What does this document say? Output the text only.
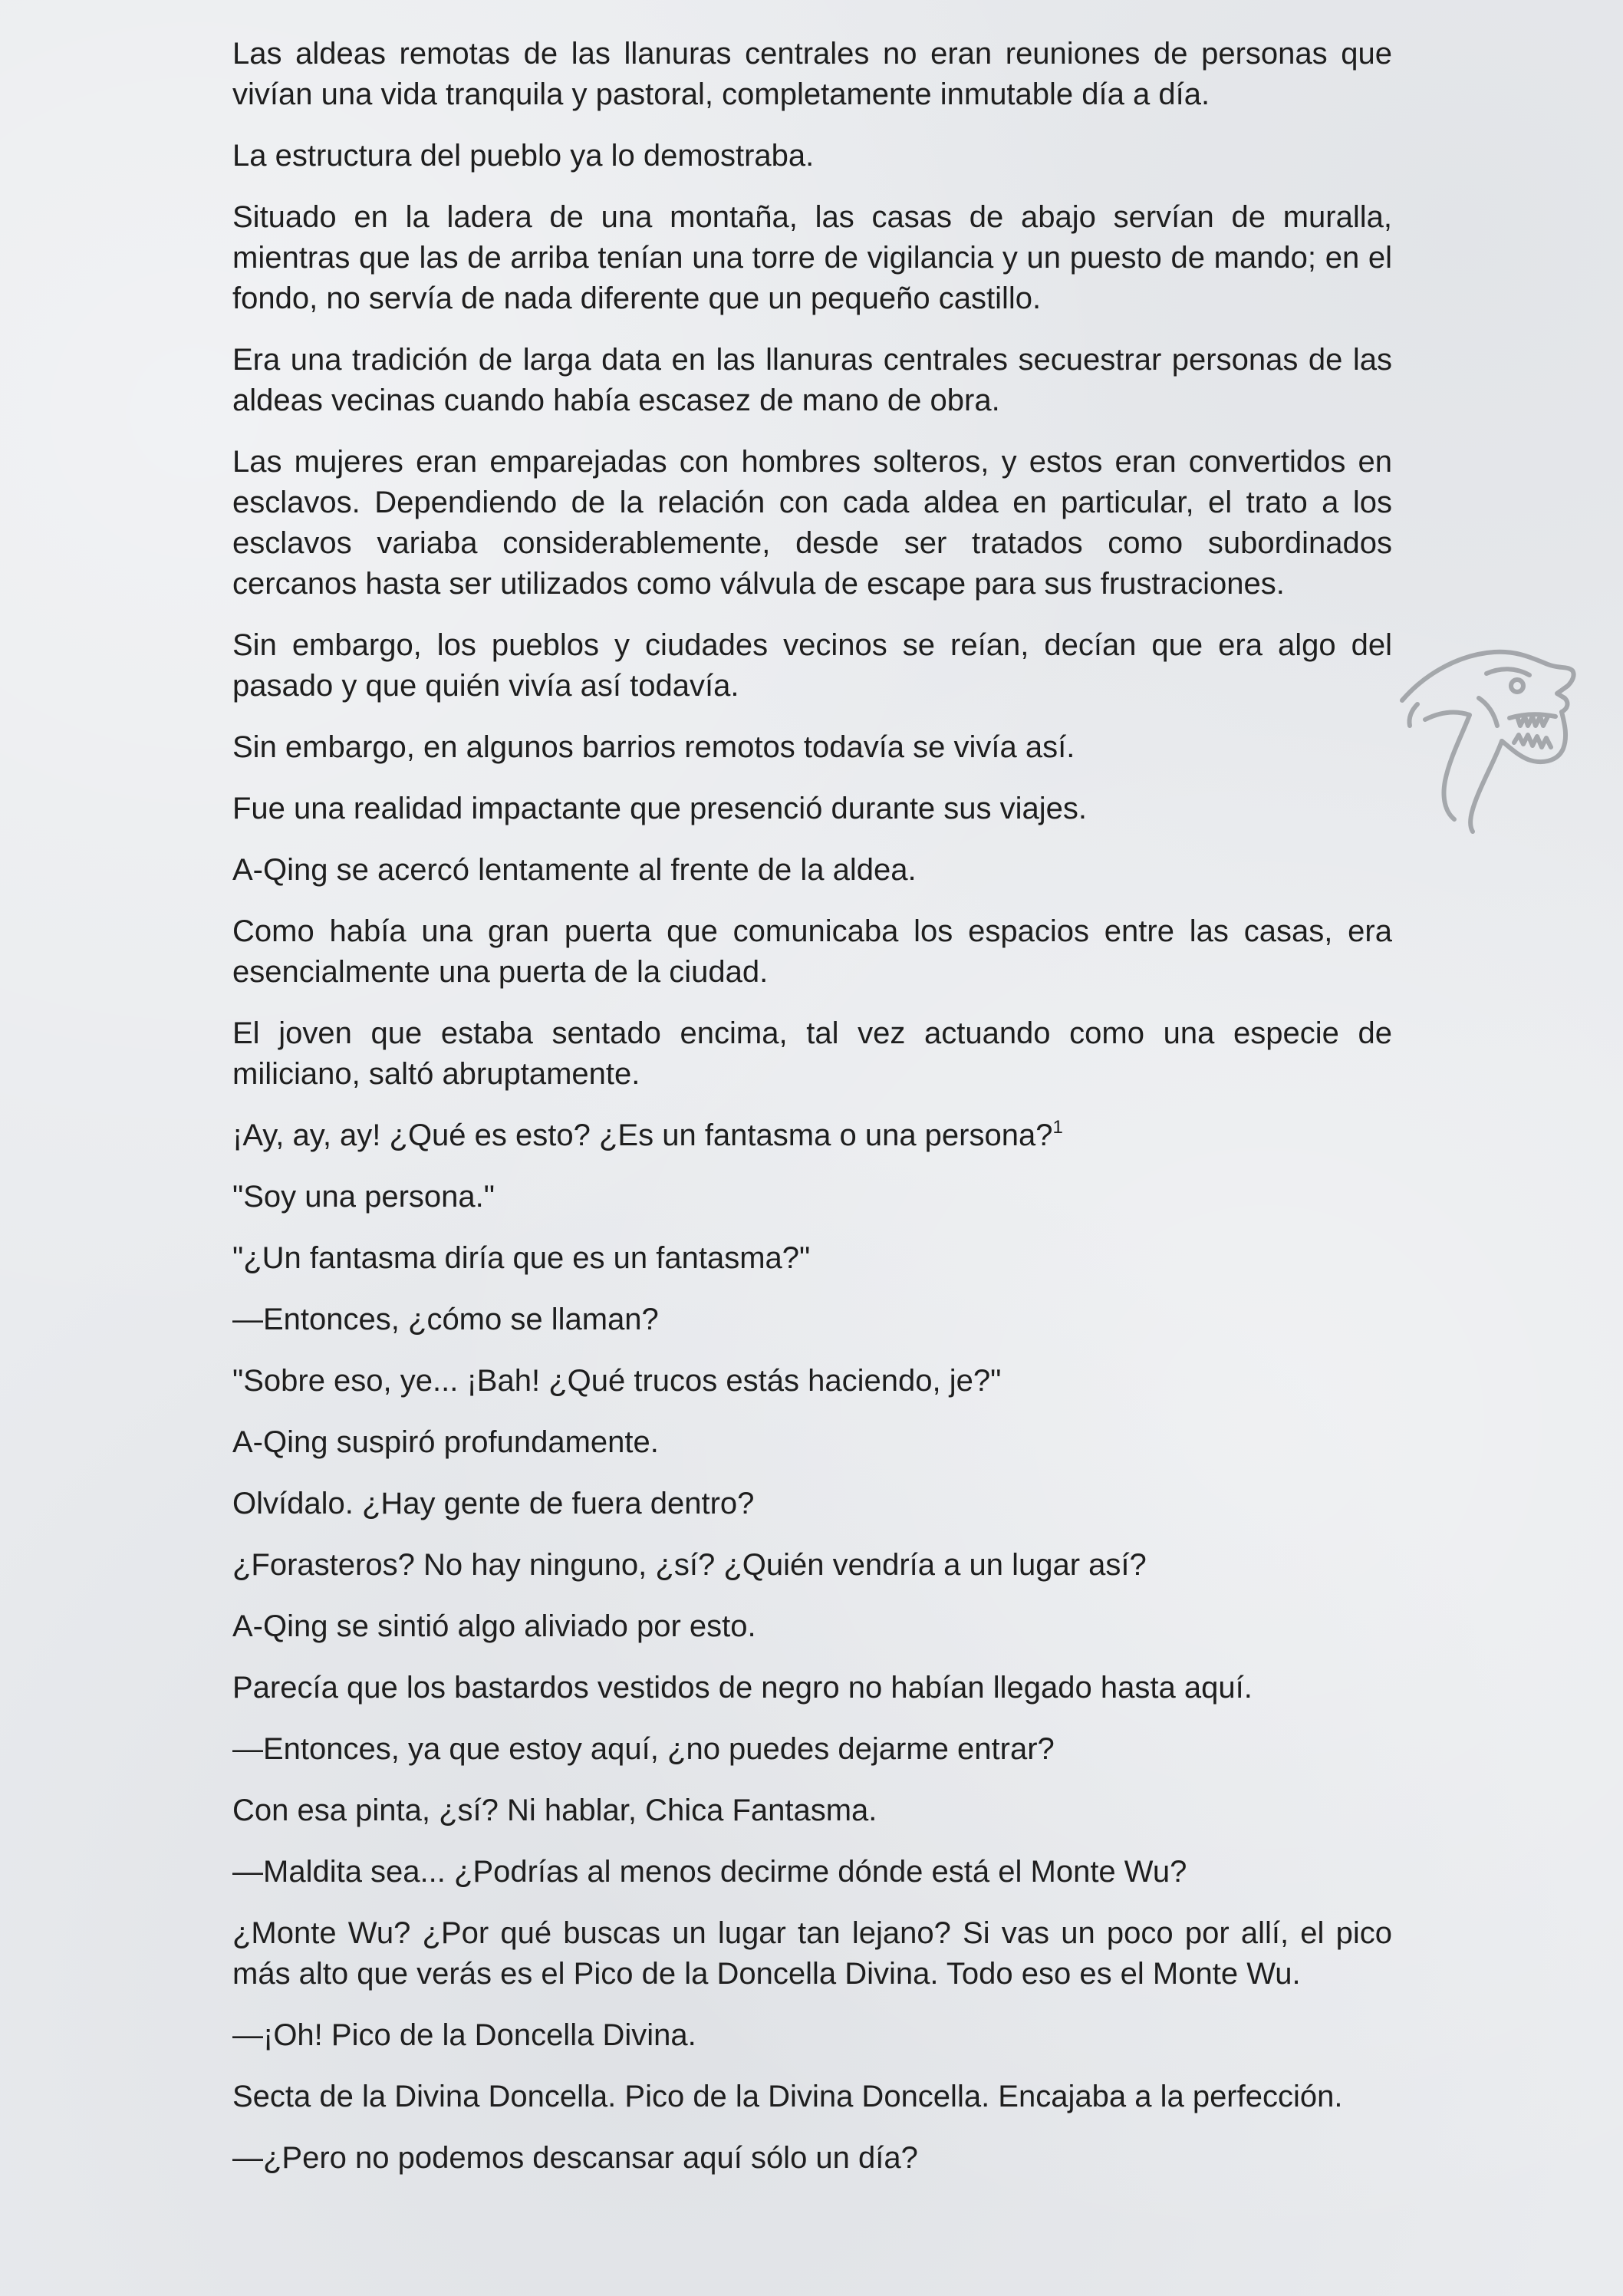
Las aldeas remotas de las llanuras centrales no eran reuniones de personas que vivían una vida tranquila y pastoral, completamente inmutable día a día.

La estructura del pueblo ya lo demostraba.

Situado en la ladera de una montaña, las casas de abajo servían de muralla, mientras que las de arriba tenían una torre de vigilancia y un puesto de mando; en el fondo, no servía de nada diferente que un pequeño castillo.

Era una tradición de larga data en las llanuras centrales secuestrar personas de las aldeas vecinas cuando había escasez de mano de obra.

Las mujeres eran emparejadas con hombres solteros, y estos eran convertidos en esclavos. Dependiendo de la relación con cada aldea en particular, el trato a los esclavos variaba considerablemente, desde ser tratados como subordinados cercanos hasta ser utilizados como válvula de escape para sus frustraciones.

Sin embargo, los pueblos y ciudades vecinos se reían, decían que era algo del pasado y que quién vivía así todavía.

Sin embargo, en algunos barrios remotos todavía se vivía así.

Fue una realidad impactante que presenció durante sus viajes.

A-Qing se acercó lentamente al frente de la aldea.

Como había una gran puerta que comunicaba los espacios entre las casas, era esencialmente una puerta de la ciudad.

El joven que estaba sentado encima, tal vez actuando como una especie de miliciano, saltó abruptamente.

¡Ay, ay, ay! ¿Qué es esto? ¿Es un fantasma o una persona?$^1$

"Soy una persona."

"¿Un fantasma diría que es un fantasma?"

—Entonces, ¿cómo se llaman?

"Sobre eso, ye... ¡Bah! ¿Qué trucos estás haciendo, je?"

A-Qing suspiró profundamente.

Olvídalo. ¿Hay gente de fuera dentro?

¿Forasteros? No hay ninguno, ¿sí? ¿Quién vendría a un lugar así?

A-Qing se sintió algo aliviado por esto.

Parecía que los bastardos vestidos de negro no habían llegado hasta aquí.

—Entonces, ya que estoy aquí, ¿no puedes dejarme entrar?

Con esa pinta, ¿sí? Ni hablar, Chica Fantasma.

—Maldita sea... ¿Podrías al menos decirme dónde está el Monte Wu?

¿Monte Wu? ¿Por qué buscas un lugar tan lejano? Si vas un poco por allí, el pico más alto que verás es el Pico de la Doncella Divina. Todo eso es el Monte Wu.

—¡Oh! Pico de la Doncella Divina.

Secta de la Divina Doncella. Pico de la Divina Doncella. Encajaba a la perfección.

—¿Pero no podemos descansar aquí sólo un día?
